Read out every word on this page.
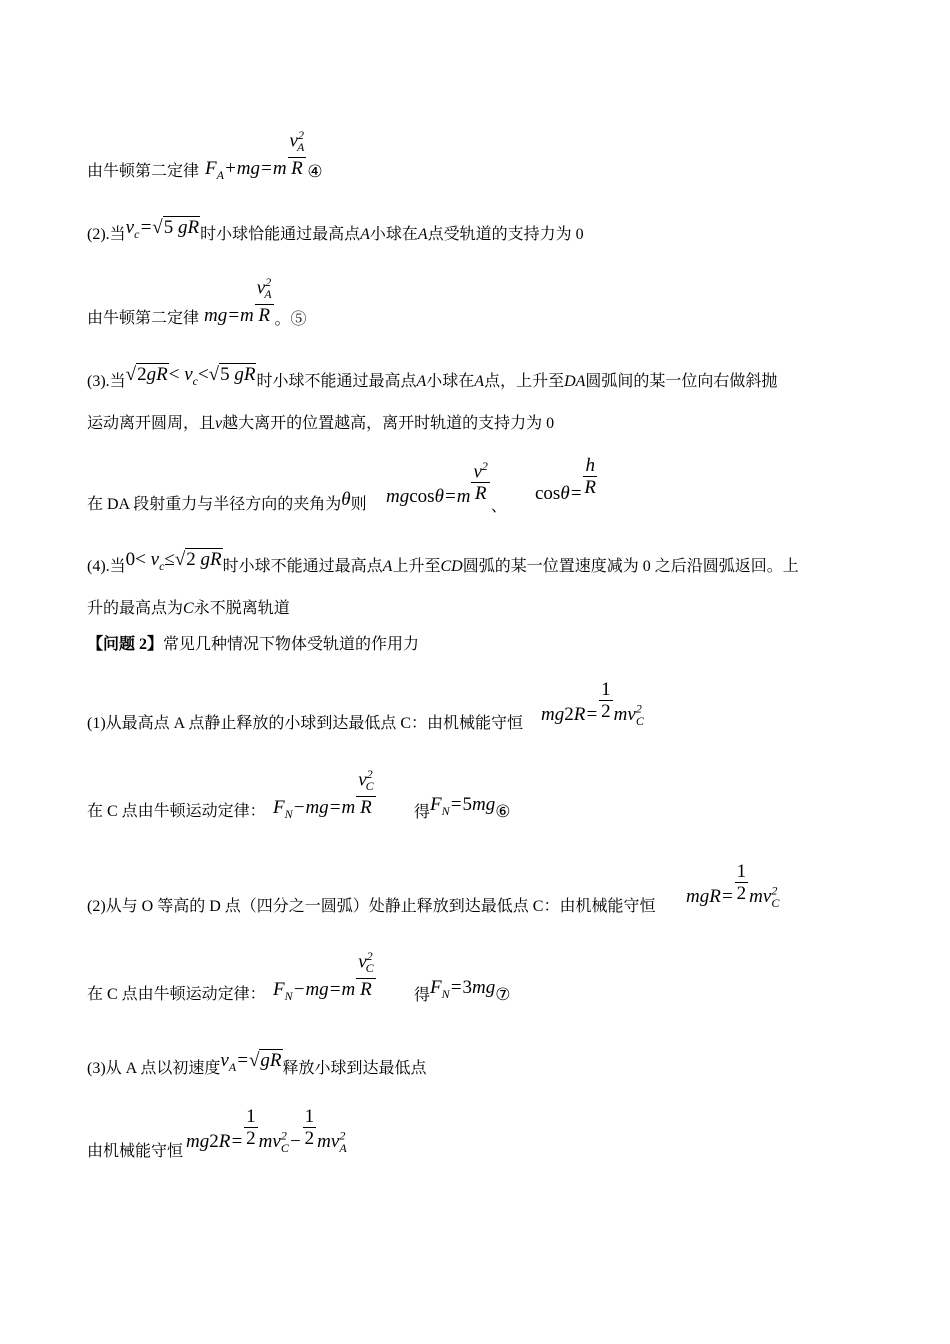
由牛顿第二定律 $F_A+mg=m \frac{v^2_A}{R}$ ④
(2).当$v_c=√5$ gR时小球恰能通过最高点A小球在A点受轨道的支持力为 0
由牛顿第二定律 $mg=m \frac{v^2_A}{R} _{。⑤}$
(3).当$√2gR< v_c<√5$ gR时小球不能通过最高点A小球在A点，上升至DA圆弧间的某一位向右做斜抛
运动离开圆周，且v越大离开的位置越高，离开时轨道的支持力为 0
在 DA 段射重力与半径方向的夹角为θ则 $mgcos\theta=m \frac{v^2}{R}$
$_、$
$\cos\theta= \frac{h}{R}$
(4).当$0< v_c\le√2$ gR时小球不能通过最高点A上升至CD圆弧的某一位置速度减为 0 之后沿圆弧返回。上
升的最高点为C永不脱离轨道
【问题 2】常见几种情况下物体受轨道的作用力
(1)从最高点 A 点静止释放的小球到达最低点 C：由机械能守恒 $mg2R= \frac{1}{2} mv^2_C$
在 C 点由牛顿运动定律： $F_N-mg=m \frac{v^2_C}{R}$ 得$F_N=5mg⑥$
(2)从与 O 等高的 D 点（四分之一圆弧）处静止释放到达最低点 C：由机械能守恒 $mgR= \frac{1}{2} mv^2_C$
在 C 点由牛顿运动定律： $F_N-mg=m \frac{v^2_C}{R}$ 得$F_N=3mg⑦$
(3)从 A 点以初速度$v_A=√gR$释放小球到达最低点
由机械能守恒 $mg2R= \frac{1}{2} mv^2_C- \frac{1}{2} mv^2_A$
